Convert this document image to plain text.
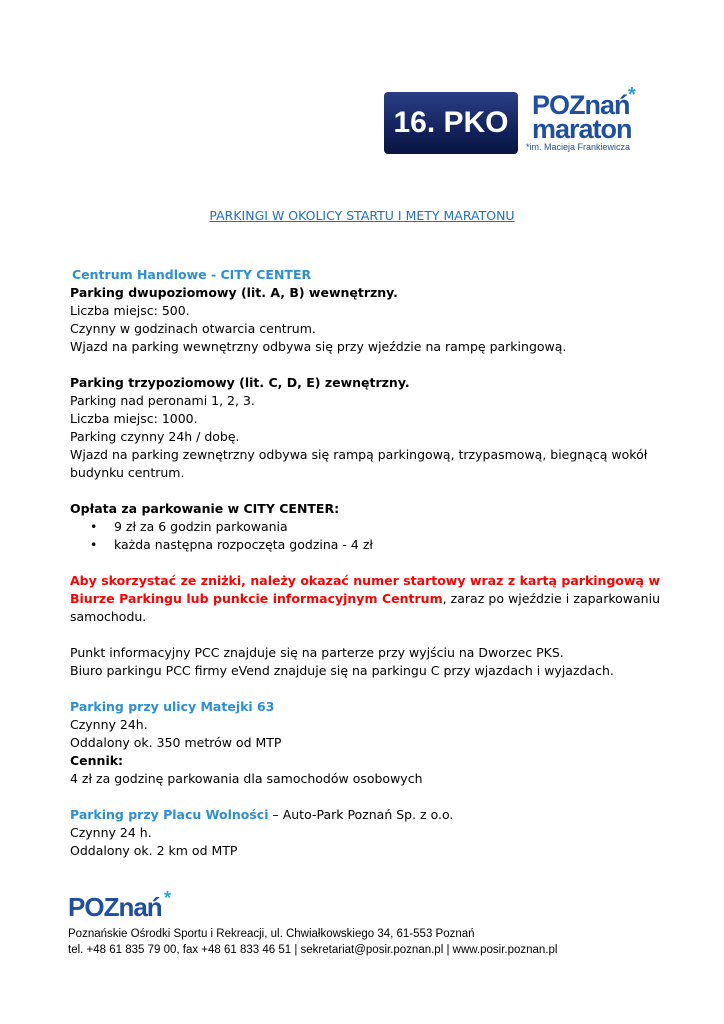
16. PKO
POZnań
*
maraton
*im. Macieja Frankiewicza
PARKINGI W OKOLICY STARTU I METY MARATONU
Centrum Handlowe - CITY CENTER
Parking dwupoziomowy (lit. A, B) wewnętrzny.
Liczba miejsc: 500.
Czynny w godzinach otwarcia centrum.
Wjazd na parking wewnętrzny odbywa się przy wjeździe na rampę parkingową.
Parking trzypoziomowy (lit. C, D, E) zewnętrzny.
Parking nad peronami 1, 2, 3.
Liczba miejsc: 1000.
Parking czynny 24h / dobę.
Wjazd na parking zewnętrzny odbywa się rampą parkingową, trzypasmową, biegnącą wokół
budynku centrum.
Opłata za parkowanie w CITY CENTER:
• 9 zł za 6 godzin parkowania
• każda następna rozpoczęta godzina - 4 zł
Aby skorzystać ze zniżki, należy okazać numer startowy wraz z kartą parkingową w Biurze Parkingu lub punkcie informacyjnym Centrum, zaraz po wjeździe i zaparkowaniu samochodu.
Punkt informacyjny PCC znajduje się na parterze przy wyjściu na Dworzec PKS.
Biuro parkingu PCC firmy eVend znajduje się na parkingu C przy wjazdach i wyjazdach.
Parking przy ulicy Matejki 63
Czynny 24h.
Oddalony ok. 350 metrów od MTP
Cennik:
4 zł za godzinę parkowania dla samochodów osobowych
Parking przy Placu Wolności – Auto-Park Poznań Sp. z o.o.
Czynny 24 h.
Oddalony ok. 2 km od MTP
POZnań *
Poznańskie Ośrodki Sportu i Rekreacji, ul. Chwiałkowskiego 34, 61-553 Poznań
tel. +48 61 835 79 00, fax +48 61 833 46 51 | sekretariat@posir.poznan.pl | www.posir.poznan.pl
